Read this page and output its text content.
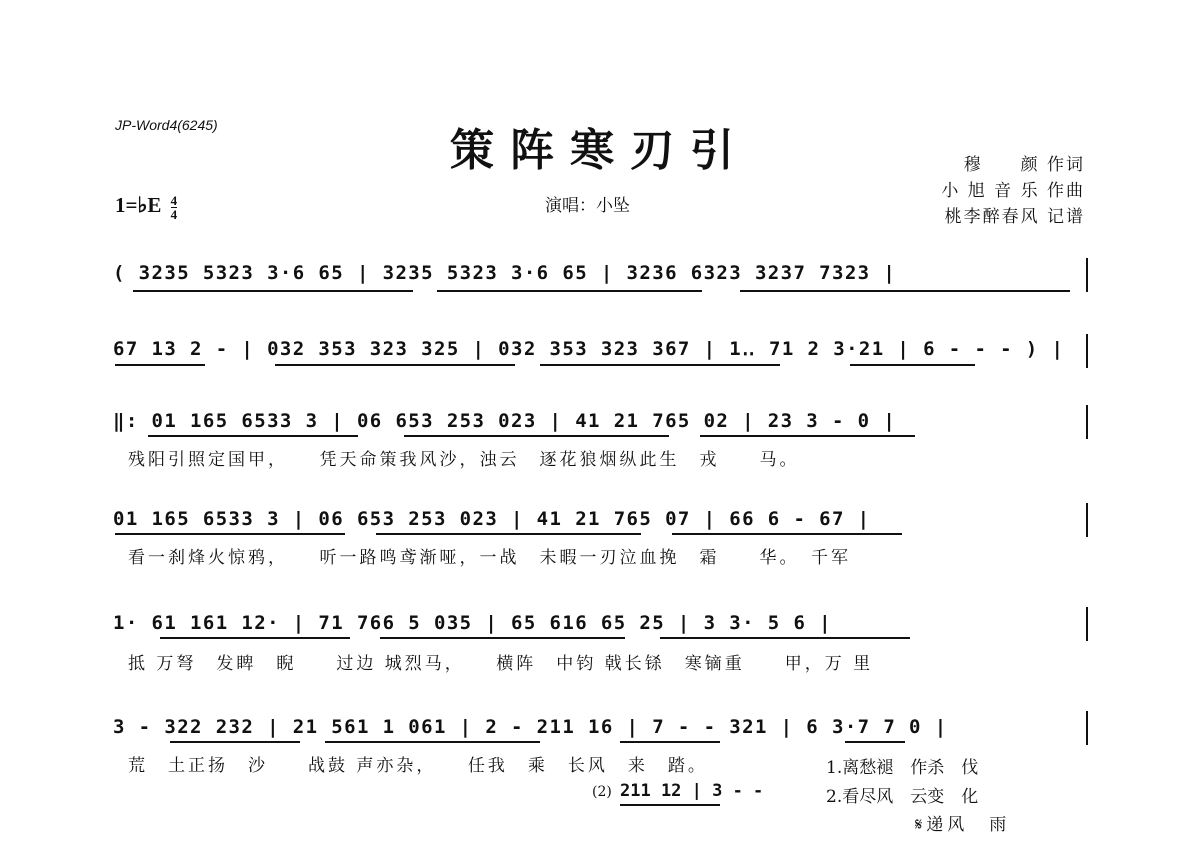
JP-Word4(6245)	策阵寒刃引	穆　　颜 作词
小 旭 音 乐 作曲
桃李醉春风 记谱
1=♭E $\frac{4}{4}$	演唱：小坠
( 3235 5323 3·6 65 | 3235 5323 3·6 65 | 3236 6323 3237 7323 |
67 13 2 - | 032 353 323 325 | 032 353 323 367 | 1‥ 71 2 3·21 | 6 - - - ) |
‖: 01 165 6533 3 | 06 653 253 023 | 41 21 765 02 | 23 3 - 0 |
残阳引照定国甲，　　凭天命策我风沙，浊云　逐花狼烟纵此生　戎　　马。
01 165 6533 3 | 06 653 253 023 | 41 21 765 07 | 66 6 - 67 |
看一刹烽火惊鸦，　　听一路鸣鸢渐哑，一战　未暇一刃泣血挽　霜　　华。　千军
1· 61 161 12· | 71 766 5 035 | 65 616 65 25 | 3 3· 5 6 |
抵 万弩　发睥　睨　　过边 城烈马，　　横阵　中钧 戟长铩　寒镝重　　甲，万 里
3 - 322 232 | 21 561 1 061 | 2 - 211 16 | 7 - - 321 | 6 3·7 7 0 |
荒　土正扬　沙　　战鼓 声亦杂，　　任我　乘　长风　来　踏。	1.离愁褪　作杀　伐
(2) 211 12 | 3 - -	2.看尽风　云变　化
𝄋递风　雨
